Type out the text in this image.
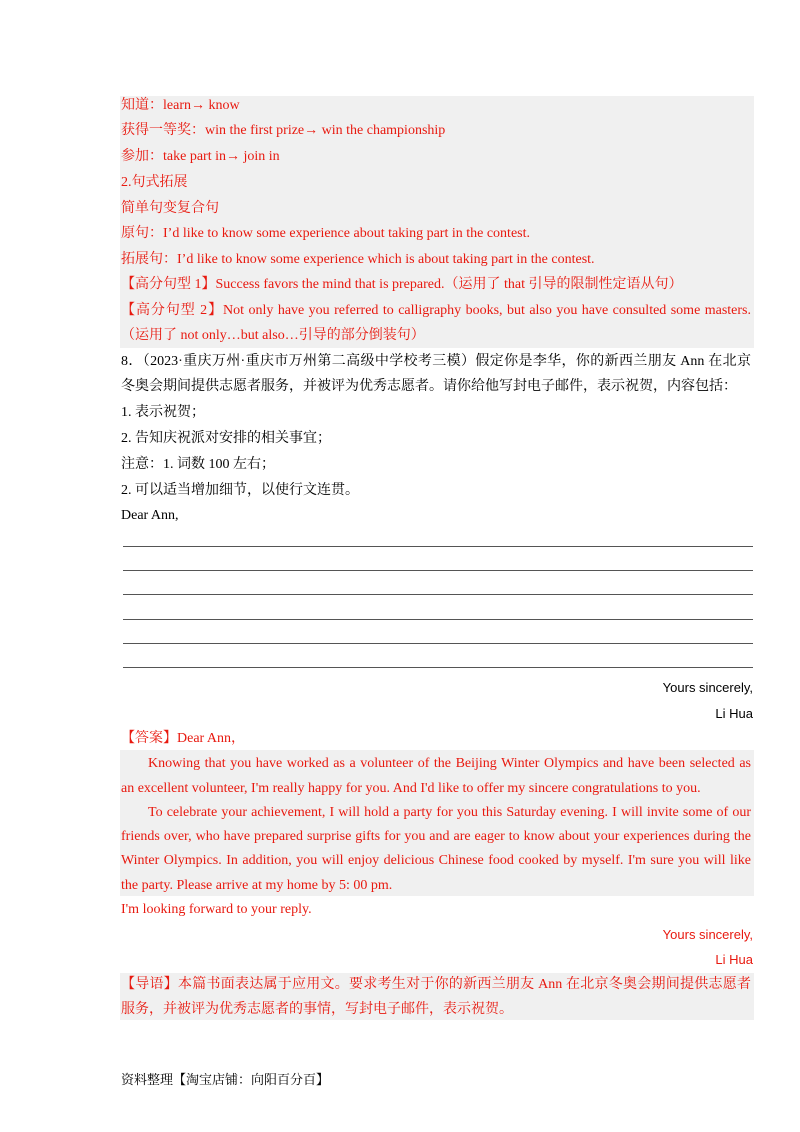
知道：learn→ know
获得一等奖：win the first prize→ win the championship
参加：take part in→ join in
2.句式拓展
简单句变复合句
原句：I’d like to know some experience about taking part in the contest.
拓展句：I’d like to know some experience which is about taking part in the contest.
【高分句型 1】Success favors the mind that is prepared.（运用了 that 引导的限制性定语从句）
【高分句型 2】Not only have you referred to calligraphy books, but also you have consulted some masters.
（运用了 not only…but also…引导的部分倒装句）
8．（2023·重庆万州·重庆市万州第二高级中学校考三模）假定你是李华，你的新西兰朋友 Ann 在北京
冬奥会期间提供志愿者服务，并被评为优秀志愿者。请你给他写封电子邮件，表示祝贺，内容包括：
1. 表示祝贺；
2. 告知庆祝派对安排的相关事宜；
注意：1. 词数 100 左右；
2. 可以适当增加细节，以使行文连贯。
Dear Ann,
Yours sincerely,
Li Hua
【答案】Dear Ann，
Knowing that you have worked as a volunteer of the Beijing Winter Olympics and have been selected as
an excellent volunteer, I'm really happy for you. And I'd like to offer my sincere congratulations to you.
To celebrate your achievement, I will hold a party for you this Saturday evening. I will invite some of our
friends over, who have prepared surprise gifts for you and are eager to know about your experiences during the
Winter Olympics. In addition, you will enjoy delicious Chinese food cooked by myself. I'm sure you will like
the party. Please arrive at my home by 5: 00 pm.
I'm looking forward to your reply.
Yours sincerely,
Li Hua
【导语】本篇书面表达属于应用文。要求考生对于你的新西兰朋友 Ann 在北京冬奥会期间提供志愿者
服务，并被评为优秀志愿者的事情，写封电子邮件，表示祝贺。
资料整理【淘宝店铺：向阳百分百】
